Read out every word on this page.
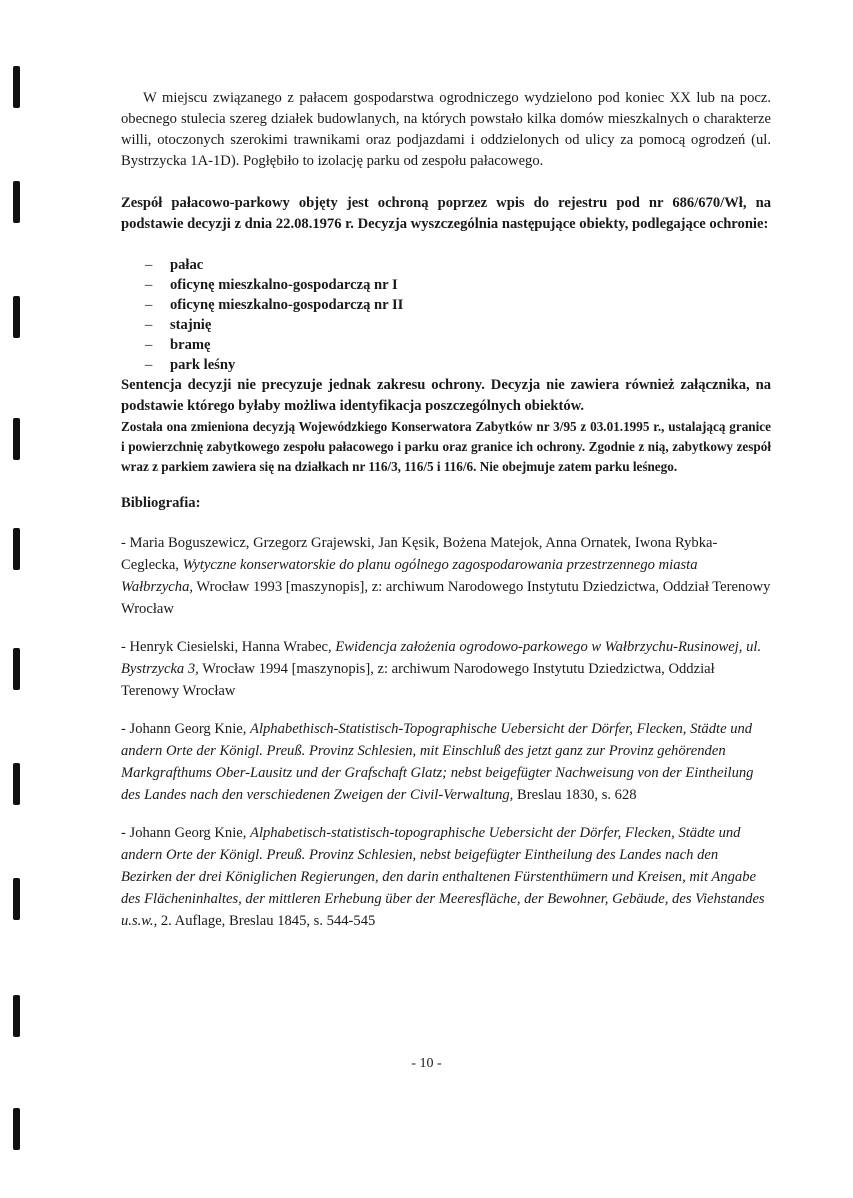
W miejscu związanego z pałacem gospodarstwa ogrodniczego wydzielono pod koniec XX lub na pocz. obecnego stulecia szereg działek budowlanych, na których powstało kilka domów mieszkalnych o charakterze willi, otoczonych szerokimi trawnikami oraz podjazdami i oddzielonych od ulicy za pomocą ogrodzeń (ul. Bystrzycka 1A-1D). Pogłębiło to izolację parku od zespołu pałacowego.

Zespół pałacowo-parkowy objęty jest ochroną poprzez wpis do rejestru pod nr 686/670/Wł, na podstawie decyzji z dnia 22.08.1976 r. Decyzja wyszczególnia następujące obiekty, podlegające ochronie:

– pałac
– oficynę mieszkalno-gospodarczą nr I
– oficynę mieszkalno-gospodarczą nr II
– stajnię
– bramę
– park leśny

Sentencja decyzji nie precyzuje jednak zakresu ochrony. Decyzja nie zawiera również załącznika, na podstawie którego byłaby możliwa identyfikacja poszczególnych obiektów.

Została ona zmieniona decyzją Wojewódzkiego Konserwatora Zabytków nr 3/95 z 03.01.1995 r., ustalającą granice i powierzchnię zabytkowego zespołu pałacowego i parku oraz granice ich ochrony. Zgodnie z nią, zabytkowy zespół wraz z parkiem zawiera się na działkach nr 116/3, 116/5 i 116/6. Nie obejmuje zatem parku leśnego.

Bibliografia:

- Maria Boguszewicz, Grzegorz Grajewski, Jan Kęsik, Bożena Matejok, Anna Ornatek, Iwona Rybka-Ceglecka, Wytyczne konserwatorskie do planu ogólnego zagospodarowania przestrzennego miasta Wałbrzycha, Wrocław 1993 [maszynopis], z: archiwum Narodowego Instytutu Dziedzictwa, Oddział Terenowy Wrocław

- Henryk Ciesielski, Hanna Wrabec, Ewidencja założenia ogrodowo-parkowego w Wałbrzychu-Rusinowej, ul. Bystrzycka 3, Wrocław 1994 [maszynopis], z: archiwum Narodowego Instytutu Dziedzictwa, Oddział Terenowy Wrocław

- Johann Georg Knie, Alphabethisch-Statistisch-Topographische Uebersicht der Dörfer, Flecken, Städte und andern Orte der Königl. Preuß. Provinz Schlesien, mit Einschluß des jetzt ganz zur Provinz gehörenden Markgrafthums Ober-Lausitz und der Grafschaft Glatz; nebst beigefügter Nachweisung von der Eintheilung des Landes nach den verschiedenen Zweigen der Civil-Verwaltung, Breslau 1830, s. 628

- Johann Georg Knie, Alphabetisch-statistisch-topographische Uebersicht der Dörfer, Flecken, Städte und andern Orte der Königl. Preuß. Provinz Schlesien, nebst beigefügter Eintheilung des Landes nach den Bezirken der drei Königlichen Regierungen, den darin enthaltenen Fürstenthümern und Kreisen, mit Angabe des Flächeninhaltes, der mittleren Erhebung über der Meeresfläche, der Bewohner, Gebäude, des Viehstandes u.s.w., 2. Auflage, Breslau 1845, s. 544-545

- 10 -
